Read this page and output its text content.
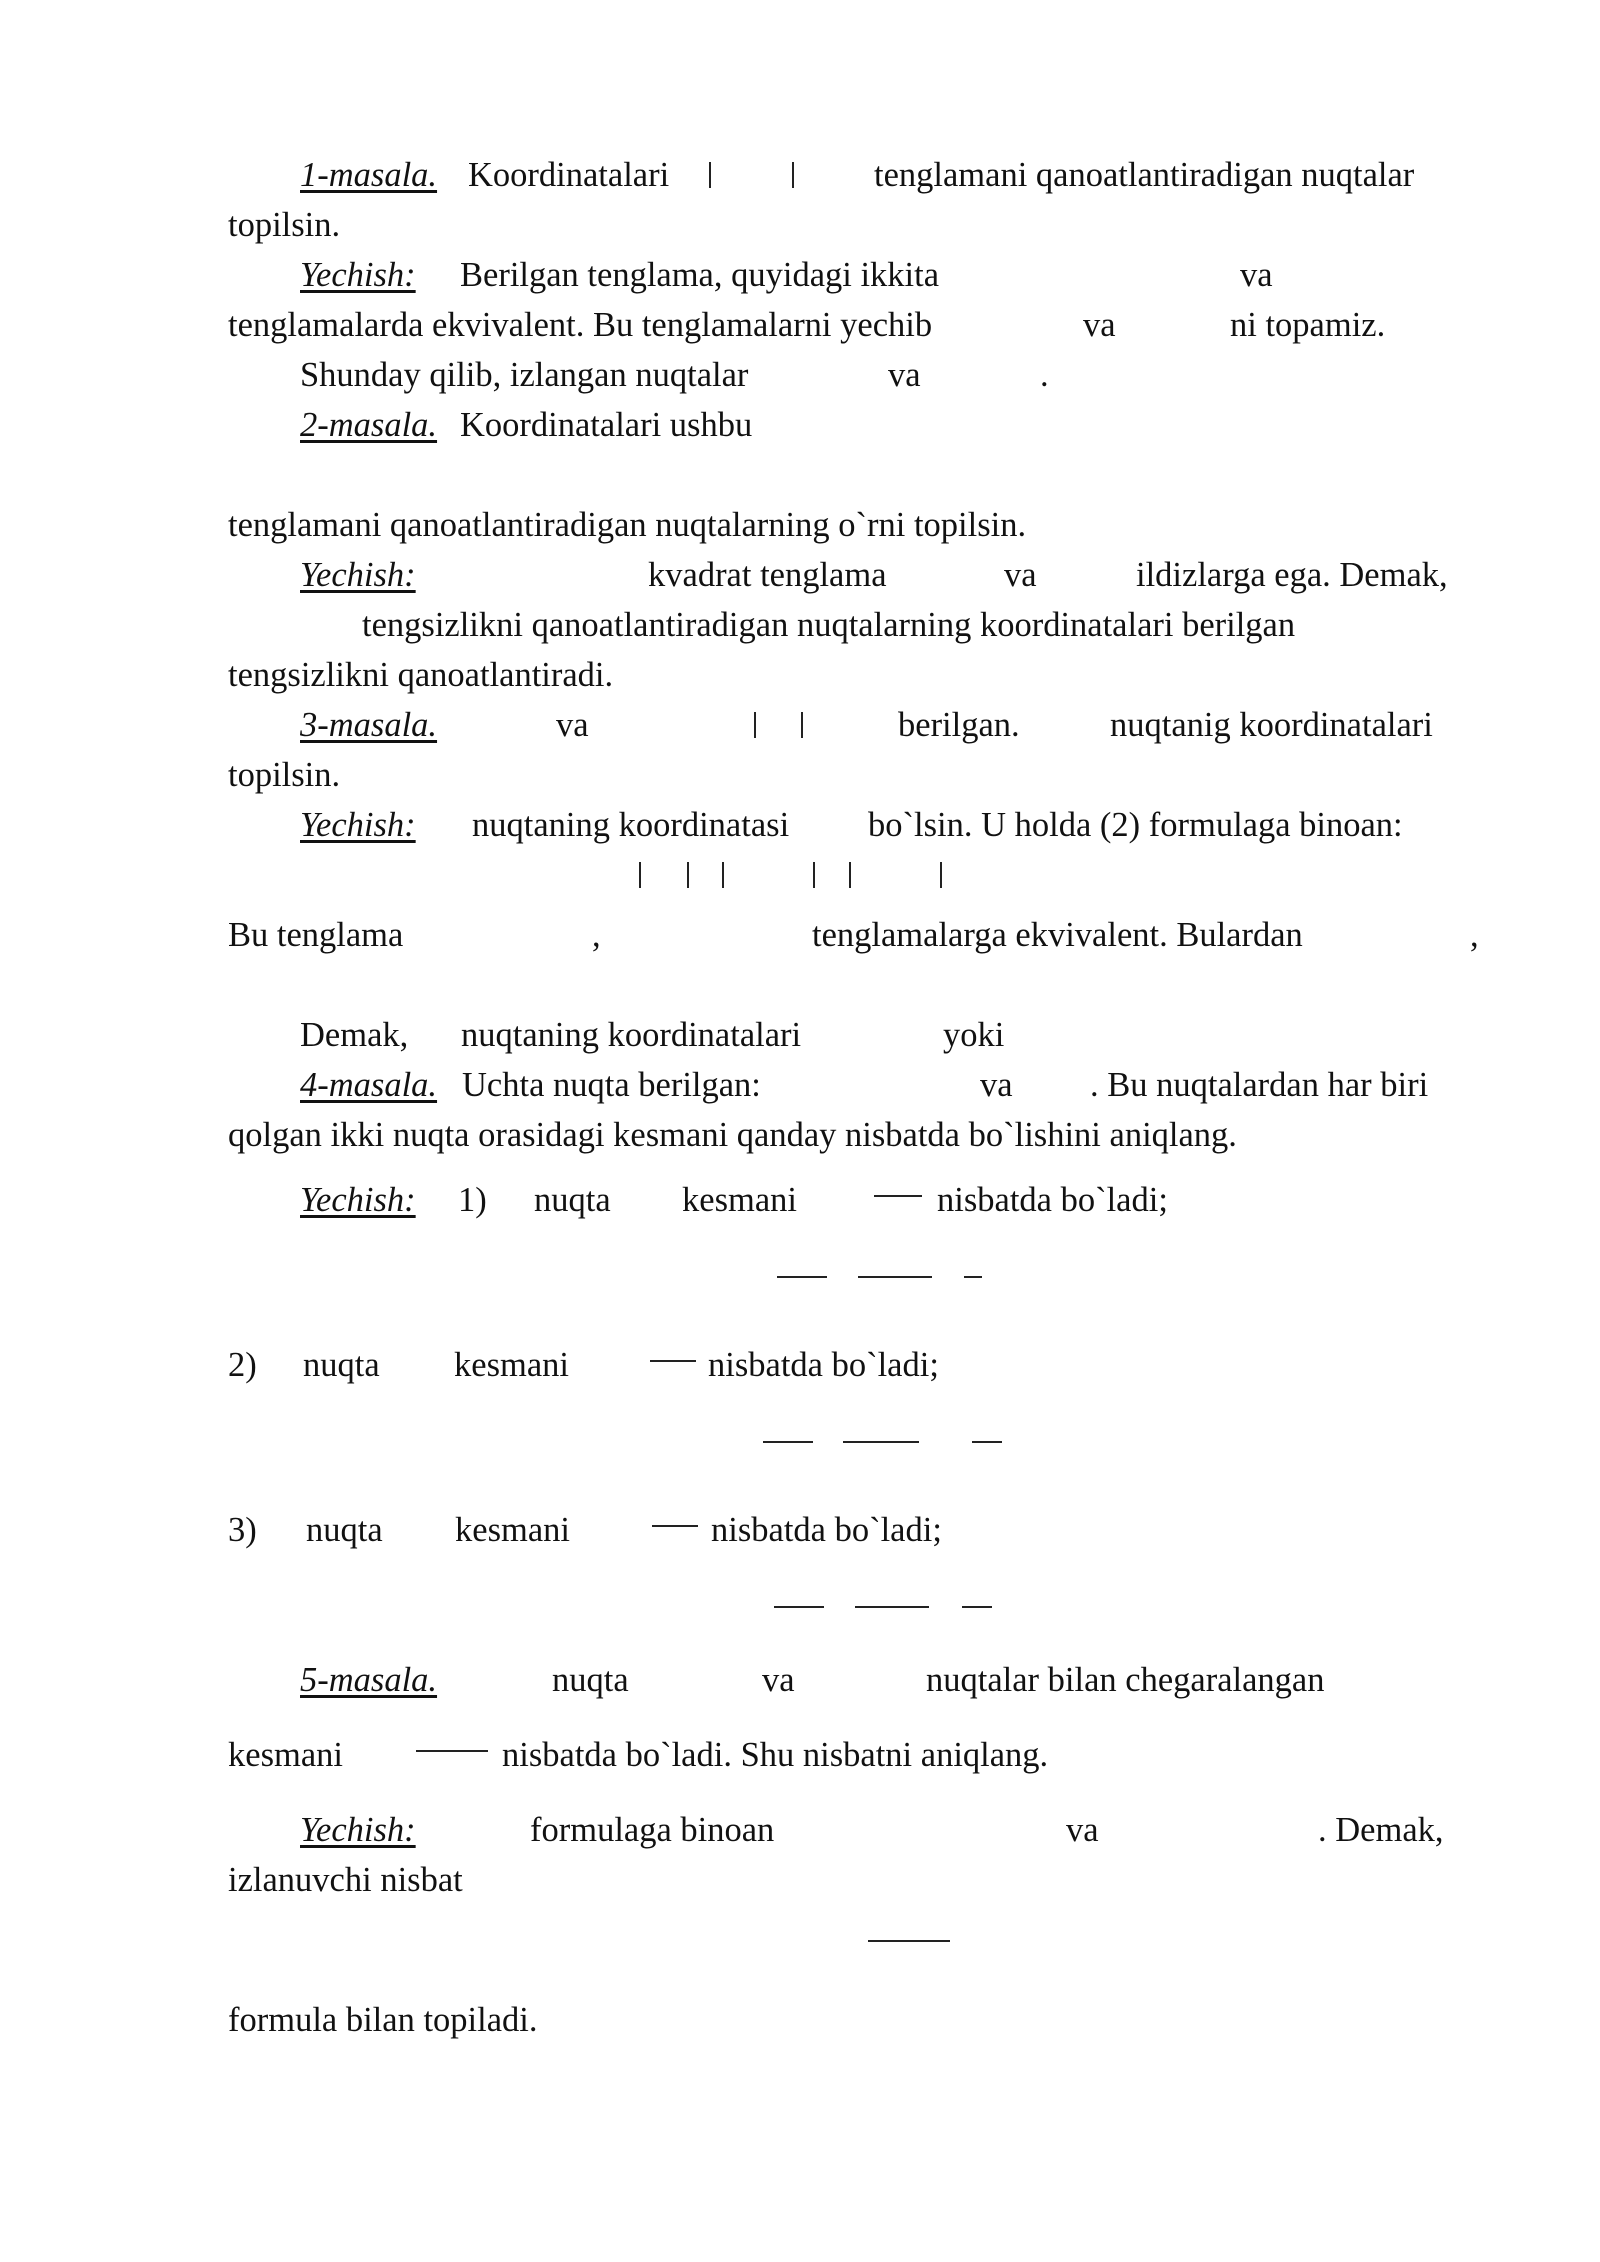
1-masala. Koordinatalari	tenglamani qanoatlantiradigan nuqtalar
topilsin.
Yechish: Berilgan tenglama, quyidagi ikkita	va
tenglamalarda ekvivalent. Bu tenglamalarni yechib	va	ni topamiz.
Shunday qilib, izlangan nuqtalar	va	.
2-masala. Koordinatalari ushbu
tenglamani qanoatlantiradigan nuqtalarning o`rni topilsin.
Yechish:	kvadrat tenglama	va	ildizlarga ega. Demak,
tengsizlikni qanoatlantiradigan nuqtalarning koordinatalari berilgan
tengsizlikni qanoatlantiradi.
3-masala.	va	berilgan.	nuqtanig koordinatalari
topilsin.
Yechish: nuqtaning koordinatasi bo`lsin. U holda (2) formulaga binoan:
Bu tenglama	,	tenglamalarga ekvivalent. Bulardan	,
Demak, nuqtaning koordinatalari	yoki
4-masala. Uchta nuqta berilgan:	va . Bu nuqtalardan har biri
qolgan ikki nuqta orasidagi kesmani qanday nisbatda bo`lishini aniqlang.
Yechish: 1) nuqta kesmani	nisbatda bo`ladi;
2) nuqta kesmani	nisbatda bo`ladi;
3) nuqta kesmani	nisbatda bo`ladi;
5-masala.	nuqta	va	nuqtalar bilan chegaralangan
kesmani	nisbatda bo`ladi. Shu nisbatni aniqlang.
Yechish:	formulaga binoan	va	. Demak,
izlanuvchi nisbat
formula bilan topiladi.
